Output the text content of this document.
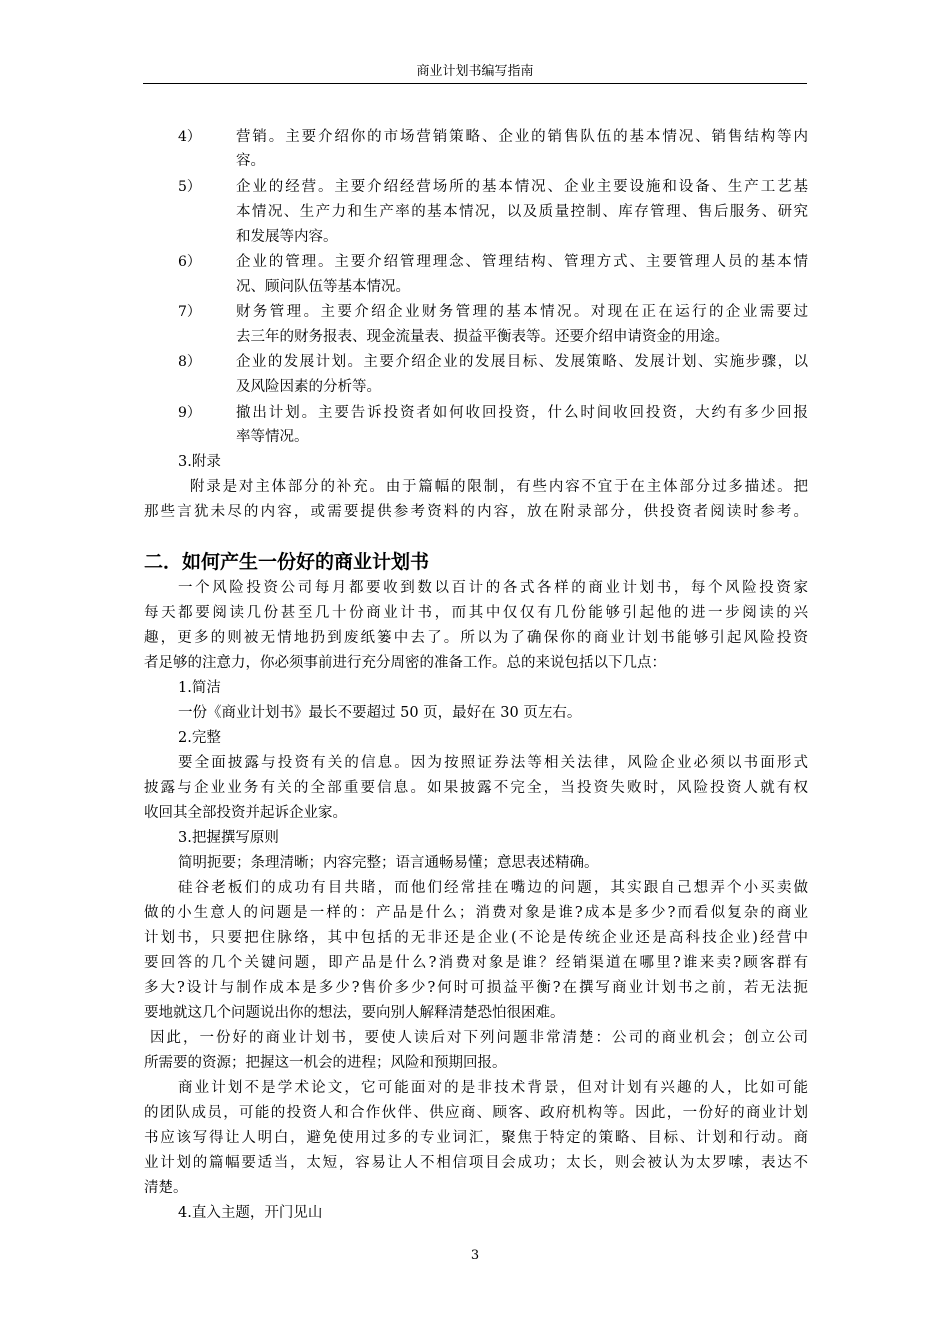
商业计划书编写指南
4） 营销。主要介绍你的市场营销策略、企业的销售队伍的基本情况、销售结构等内
容。
5） 企业的经营。主要介绍经营场所的基本情况、企业主要设施和设备、生产工艺基
本情况、生产力和生产率的基本情况，以及质量控制、库存管理、售后服务、研究
和发展等内容。
6） 企业的管理。主要介绍管理理念、管理结构、管理方式、主要管理人员的基本情
况、顾问队伍等基本情况。
7） 财务管理。主要介绍企业财务管理的基本情况。对现在正在运行的企业需要过
去三年的财务报表、现金流量表、损益平衡表等。还要介绍申请资金的用途。
8） 企业的发展计划。主要介绍企业的发展目标、发展策略、发展计划、实施步骤，以
及风险因素的分析等。
9） 撤出计划。主要告诉投资者如何收回投资，什么时间收回投资，大约有多少回报
率等情况。
3.附录
附录是对主体部分的补充。由于篇幅的限制，有些内容不宜于在主体部分过多描述。把
那些言犹未尽的内容，或需要提供参考资料的内容，放在附录部分，供投资者阅读时参考。
二．如何产生一份好的商业计划书
一个风险投资公司每月都要收到数以百计的各式各样的商业计划书，每个风险投资家
每天都要阅读几份甚至几十份商业计书，而其中仅仅有几份能够引起他的进一步阅读的兴
趣，更多的则被无情地扔到废纸篓中去了。所以为了确保你的商业计划书能够引起风险投资
者足够的注意力，你必须事前进行充分周密的准备工作。总的来说包括以下几点：
1.简洁
一份《商业计划书》最长不要超过 50 页，最好在 30 页左右。
2.完整
要全面披露与投资有关的信息。因为按照证券法等相关法律，风险企业必须以书面形式
披露与企业业务有关的全部重要信息。如果披露不完全，当投资失败时，风险投资人就有权
收回其全部投资并起诉企业家。
3.把握撰写原则
简明扼要；条理清晰；内容完整；语言通畅易懂；意思表述精确。
硅谷老板们的成功有目共睹，而他们经常挂在嘴边的问题，其实跟自己想弄个小买卖做
做的小生意人的问题是一样的：产品是什么；消费对象是谁?成本是多少?而看似复杂的商业
计划书，只要把住脉络，其中包括的无非还是企业(不论是传统企业还是高科技企业)经营中
要回答的几个关键问题，即产品是什么?消费对象是谁？经销渠道在哪里?谁来卖?顾客群有
多大?设计与制作成本是多少?售价多少?何时可损益平衡?在撰写商业计划书之前，若无法扼
要地就这几个问题说出你的想法，要向别人解释清楚恐怕很困难。
因此，一份好的商业计划书，要使人读后对下列问题非常清楚：公司的商业机会；创立公司
所需要的资源；把握这一机会的进程；风险和预期回报。
商业计划不是学术论文，它可能面对的是非技术背景，但对计划有兴趣的人，比如可能
的团队成员，可能的投资人和合作伙伴、供应商、顾客、政府机构等。因此，一份好的商业计划
书应该写得让人明白，避免使用过多的专业词汇，聚焦于特定的策略、目标、计划和行动。商
业计划的篇幅要适当，太短，容易让人不相信项目会成功；太长，则会被认为太罗嗦，表达不
清楚。
4.直入主题，开门见山
3
